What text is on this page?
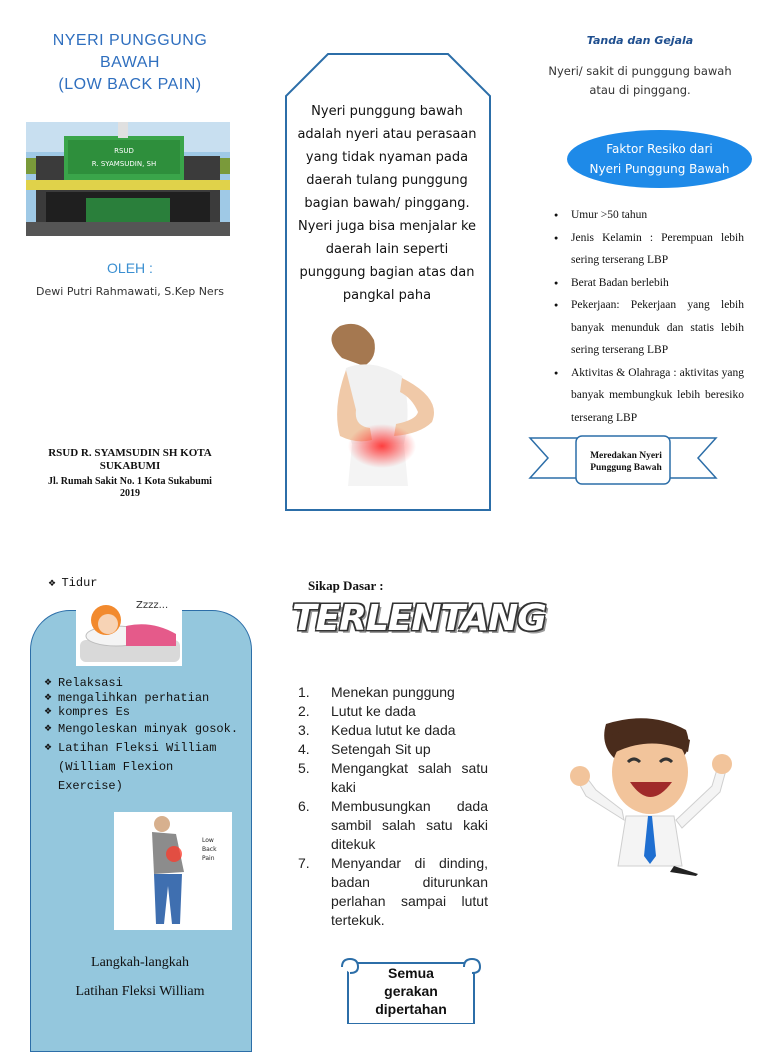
NYERI PUNGGUNG
BAWAH
(LOW BACK PAIN)
RSUD
R. SYAMSUDIN, SH
OLEH :
Dewi Putri Rahmawati, S.Kep Ners
RSUD R. SYAMSUDIN SH KOTA
SUKABUMI
Jl. Rumah Sakit No. 1 Kota Sukabumi
2019
Nyeri punggung bawah adalah nyeri atau perasaan yang tidak nyaman pada daerah tulang punggung bagian bawah/ pinggang. Nyeri juga bisa menjalar ke daerah lain seperti punggung bagian atas dan pangkal paha
Tanda dan Gejala
Nyeri/ sakit di punggung bawah atau di pinggang.
Faktor Resiko dari
Nyeri Punggung Bawah
● Umur >50 tahun
● Jenis Kelamin : Perempuan lebih sering terserang LBP
● Berat Badan berlebih
● Pekerjaan: Pekerjaan yang lebih banyak menunduk dan statis lebih sering terserang LBP
● Aktivitas & Olahraga : aktivitas yang banyak membungkuk lebih beresiko terserang LBP
Meredakan Nyeri
Punggung Bawah
❖ Tidur
Zzzz...
❖ Relaksasi
❖ mengalihkan perhatian
❖ kompres Es
❖ Mengoleskan minyak gosok.
❖ Latihan Fleksi William (William Flexion Exercise)
Low
Back
Pain
Langkah-langkah
Latihan Fleksi William
Sikap Dasar :
TERLENTANG
1. Menekan punggung
2. Lutut ke dada
3. Kedua lutut ke dada
4. Setengah Sit up
5. Mengangkat salah satu kaki
6. Membusungkan dada sambil salah satu kaki ditekuk
7. Menyandar di dinding, badan diturunkan perlahan sampai lutut tertekuk.
Semua
gerakan
dipertahan
